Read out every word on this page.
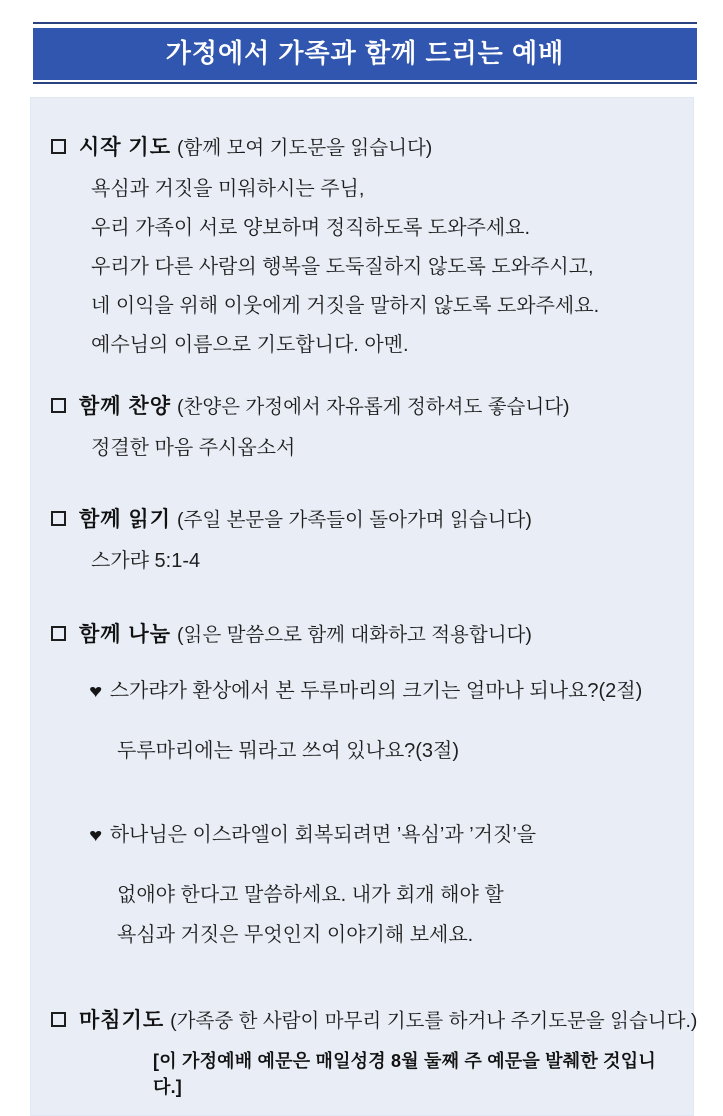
가정에서 가족과 함께 드리는 예배
시작 기도 (함께 모여 기도문을 읽습니다)

욕심과 거짓을 미워하시는 주님,

우리 가족이 서로 양보하며 정직하도록 도와주세요.

우리가 다른 사람의 행복을 도둑질하지 않도록 도와주시고,

네 이익을 위해 이웃에게 거짓을 말하지 않도록 도와주세요.

예수님의 이름으로 기도합니다. 아멘.

함께 찬양 (찬양은 가정에서 자유롭게 정하셔도 좋습니다)

정결한 마음 주시옵소서

함께 읽기 (주일 본문을 가족들이 돌아가며 읽습니다)

스가랴 5:1-4

함께 나눔 (읽은 말씀으로 함께 대화하고 적용합니다)

♥ 스가랴가 환상에서 본 두루마리의 크기는 얼마나 되나요?(2절)

두루마리에는 뭐라고 쓰여 있나요?(3절)

♥ 하나님은 이스라엘이 회복되려면 ’욕심’과 ’거짓’을

없애야 한다고 말씀하세요. 내가 회개 해야 할

욕심과 거짓은 무엇인지 이야기해 보세요.

마침기도 (가족중 한 사람이 마무리 기도를 하거나 주기도문을 읽습니다.)

[이 가정예배 예문은 매일성경 8월 둘째 주 예문을 발췌한 것입니다.]
